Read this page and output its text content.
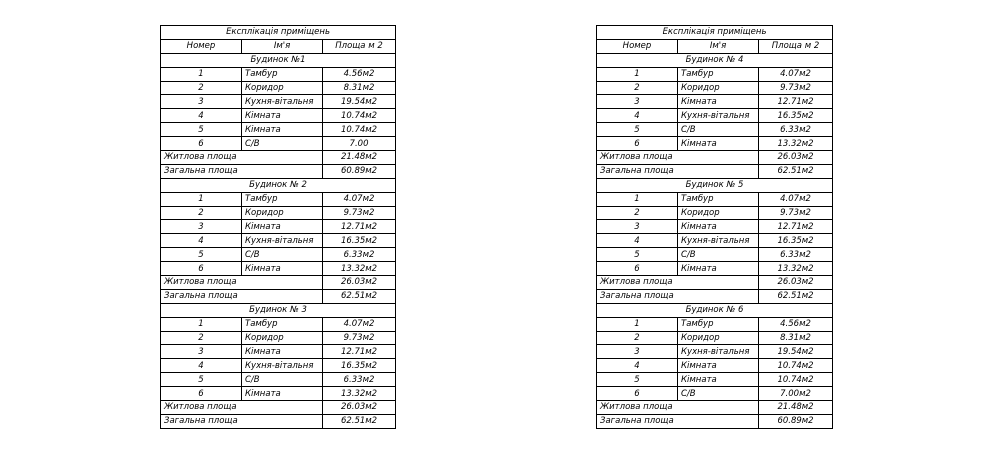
Експлікація приміщень		
Номер	Ім'я	Площа м 2
Будинок №1		
1	Тамбур	4.56м2
2	Коридор	8.31м2
3	Кухня-вітальня	19.54м2
4	Кімната	10.74м2
5	Кімната	10.74м2
6	С/В	7.00
Житлова площа		21.48м2
Загальна площа		60.89м2
Будинок № 2		
1	Тамбур	4.07м2
2	Коридор	9.73м2
3	Кімната	12.71м2
4	Кухня-вітальня	16.35м2
5	С/В	6.33м2
6	Кімната	13.32м2
Житлова площа		26.03м2
Загальна площа		62.51м2
Будинок № 3		
1	Тамбур	4.07м2
2	Коридор	9.73м2
3	Кімната	12.71м2
4	Кухня-вітальня	16.35м2
5	С/В	6.33м2
6	Кімната	13.32м2
Житлова площа		26.03м2
Загальна площа		62.51м2
Експлікація приміщень		
Номер	Ім'я	Площа м 2
Будинок № 4		
1	Тамбур	4.07м2
2	Коридор	9.73м2
3	Кімната	12.71м2
4	Кухня-вітальня	16.35м2
5	С/В	6.33м2
6	Кімната	13.32м2
Житлова площа		26.03м2
Загальна площа		62.51м2
Будинок № 5		
1	Тамбур	4.07м2
2	Коридор	9.73м2
3	Кімната	12.71м2
4	Кухня-вітальня	16.35м2
5	С/В	6.33м2
6	Кімната	13.32м2
Житлова площа		26.03м2
Загальна площа		62.51м2
Будинок № 6		
1	Тамбур	4.56м2
2	Коридор	8.31м2
3	Кухня-вітальня	19.54м2
4	Кімната	10.74м2
5	Кімната	10.74м2
6	С/В	7.00м2
Житлова площа		21.48м2
Загальна площа		60.89м2
